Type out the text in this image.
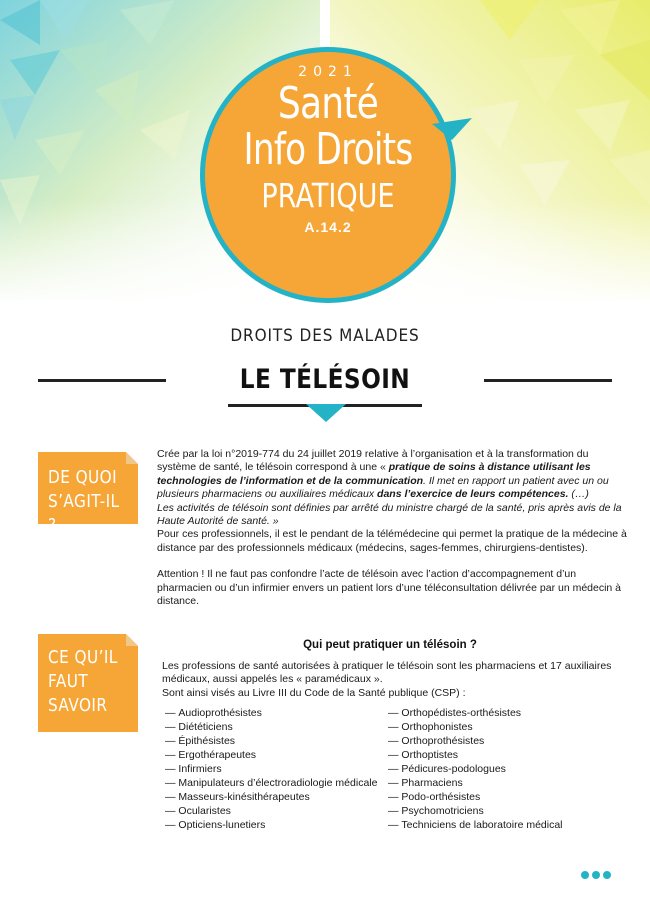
2021
Santé
Info Droits
PRATIQUE
A.14.2
DROITS DES MALADES
LE TÉLÉSOIN
DE QUOI
S’AGIT-IL ?

Crée par la loi n°2019-774 du 24 juillet 2019 relative à l’organisation et à la transformation du système de santé, le télésoin correspond à une « pratique de soins à distance utilisant les technologies de l’information et de la communication. Il met en rapport un patient avec un ou plusieurs pharmaciens ou auxiliaires médicaux dans l’exercice de leurs compétences. (…)

Les activités de télésoin sont définies par arrêté du ministre chargé de la santé, pris après avis de la Haute Autorité de santé. »

Pour ces professionnels, il est le pendant de la télémédecine qui permet la pratique de la médecine à distance par des professionnels médicaux (médecins, sages-femmes, chirurgiens-dentistes).

Attention ! Il ne faut pas confondre l’acte de télésoin avec l’action d’accompagnement d’un pharmacien ou d’un infirmier envers un patient lors d’une téléconsultation délivrée par un médecin à distance.

CE QU’IL
FAUT
SAVOIR
Qui peut pratiquer un télésoin ?

Les professions de santé autorisées à pratiquer le télésoin sont les pharmaciens et 17 auxiliaires médicaux, aussi appelés les « paramédicaux ».

Sont ainsi visés au Livre III du Code de la Santé publique (CSP) :

— Audioprothésistes
— Diététiciens
— Épithésistes
— Ergothérapeutes
— Infirmiers
— Manipulateurs d’électroradiologie médicale
— Masseurs-kinésithérapeutes
— Ocularistes
— Opticiens-lunetiers
— Orthopédistes-orthésistes
— Orthophonistes
— Orthoprothésistes
— Orthoptistes
— Pédicures-podologues
— Pharmaciens
— Podo-orthésistes
— Psychomotriciens
— Techniciens de laboratoire médical
